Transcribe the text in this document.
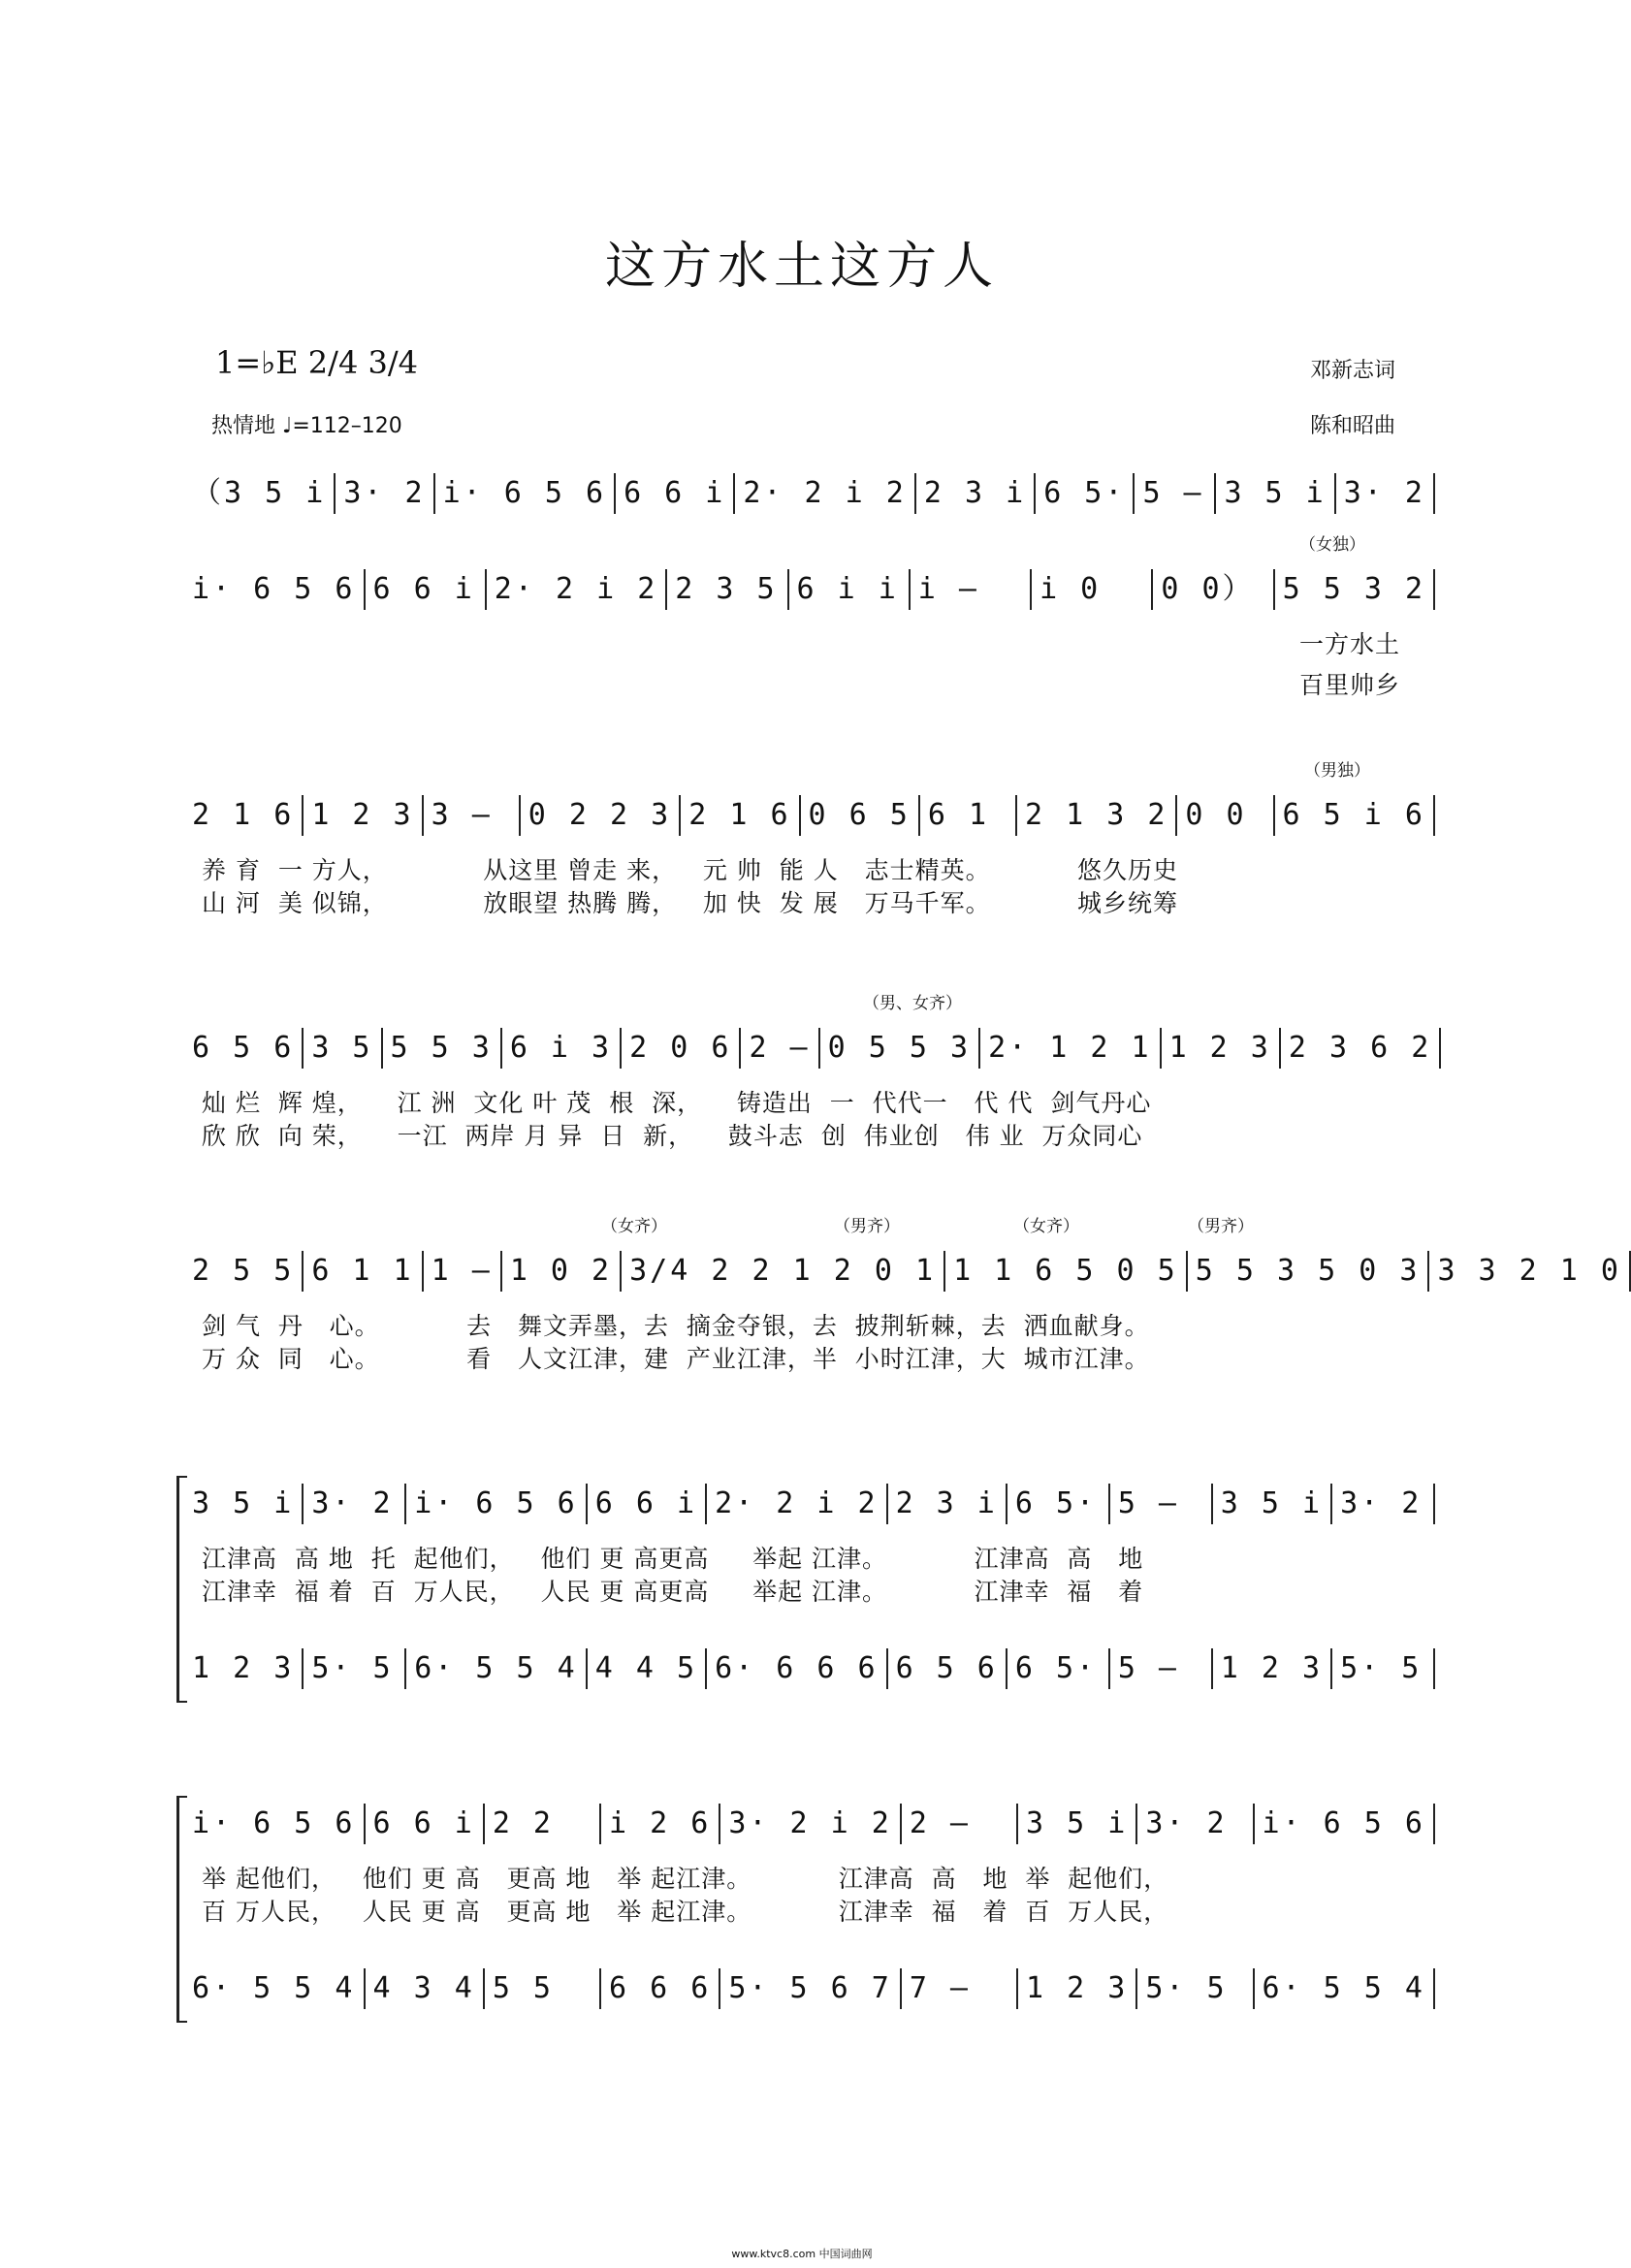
这方水土这方人
1=♭E 2/4 3/4
热情地 ♩=112–120
邓新志词
陈和昭曲
（3 5 i 3· 2 i· 6 5 6 6 6 i 2· 2 i 2 2 3 i 6 5· 5 — 3 5 i 3· 2
i· 6 5 6 6 6 i 2· 2 i 2 2 3 5 6 i i i —	i 0	0 0） 5 5 3 2
（女独）
一方水土
百里帅乡
2 1 6 1 2 3 3 —	0 2 2 3 2 1 6 0 6 5 6 1	2 1 3 2 0 0	6 5 i 6
（男独）
养 育  一 方人，           从这里 曾走 来，   元 帅  能 人   志士精英。          悠久历史
山 河  美 似锦，           放眼望 热腾 腾，   加 快  发 展   万马千军。          城乡统筹
6 5 6 3 5 5 5 3 6 i 3 2 0 6 2 — 0 5 5 3 2· 1 2 1 1 2 3 2 3 6 2
（男、女齐）
灿 烂  辉 煌，    江 洲  文化 叶 茂  根  深，    铸造出  一  代代一   代 代  剑气丹心
欣 欣  向 荣，    一江  两岸 月 异  日  新，    鼓斗志  创  伟业创   伟 业  万众同心
2 5 5 6 1 1 1 — 1 0 2 3/4 2 2 1 2 0 1 1 1 6 5 0 5 5 5 3 5 0 3 3 3 2 1 0
（女齐）	（男齐）	（女齐）	（男齐）
剑 气  丹   心。          去   舞文弄墨，去  摘金夺银，去  披荆斩棘，去  洒血献身。
万 众  同   心。          看   人文江津，建  产业江津，半  小时江津，大  城市江津。
3 5 i 3· 2 i· 6 5 6 6 6 i 2· 2 i 2 2 3 i 6 5· 5 —	3 5 i 3· 2
江津高  高 地  托  起他们，   他们 更 高更高     举起 江津。          江津高  高   地
江津幸  福 着  百  万人民，   人民 更 高更高     举起 江津。          江津幸  福   着
1 2 3 5· 5 6· 5 5 4 4 4 5 6· 6 6 6 6 5 6 6 5· 5 —	1 2 3 5· 5
i· 6 5 6 6 6 i 2 2	i 2 6 3· 2 i 2 2 —	3 5 i 3· 2	i· 6 5 6
举 起他们，   他们 更 高   更高 地   举 起江津。          江津高  高   地  举  起他们，
百 万人民，   人民 更 高   更高 地   举 起江津。          江津幸  福   着  百  万人民，
6· 5 5 4 4 3 4 5 5	6 6 6 5· 5 6 7 7 —	1 2 3 5· 5	6· 5 5 4
www.ktvc8.com 中国词曲网
